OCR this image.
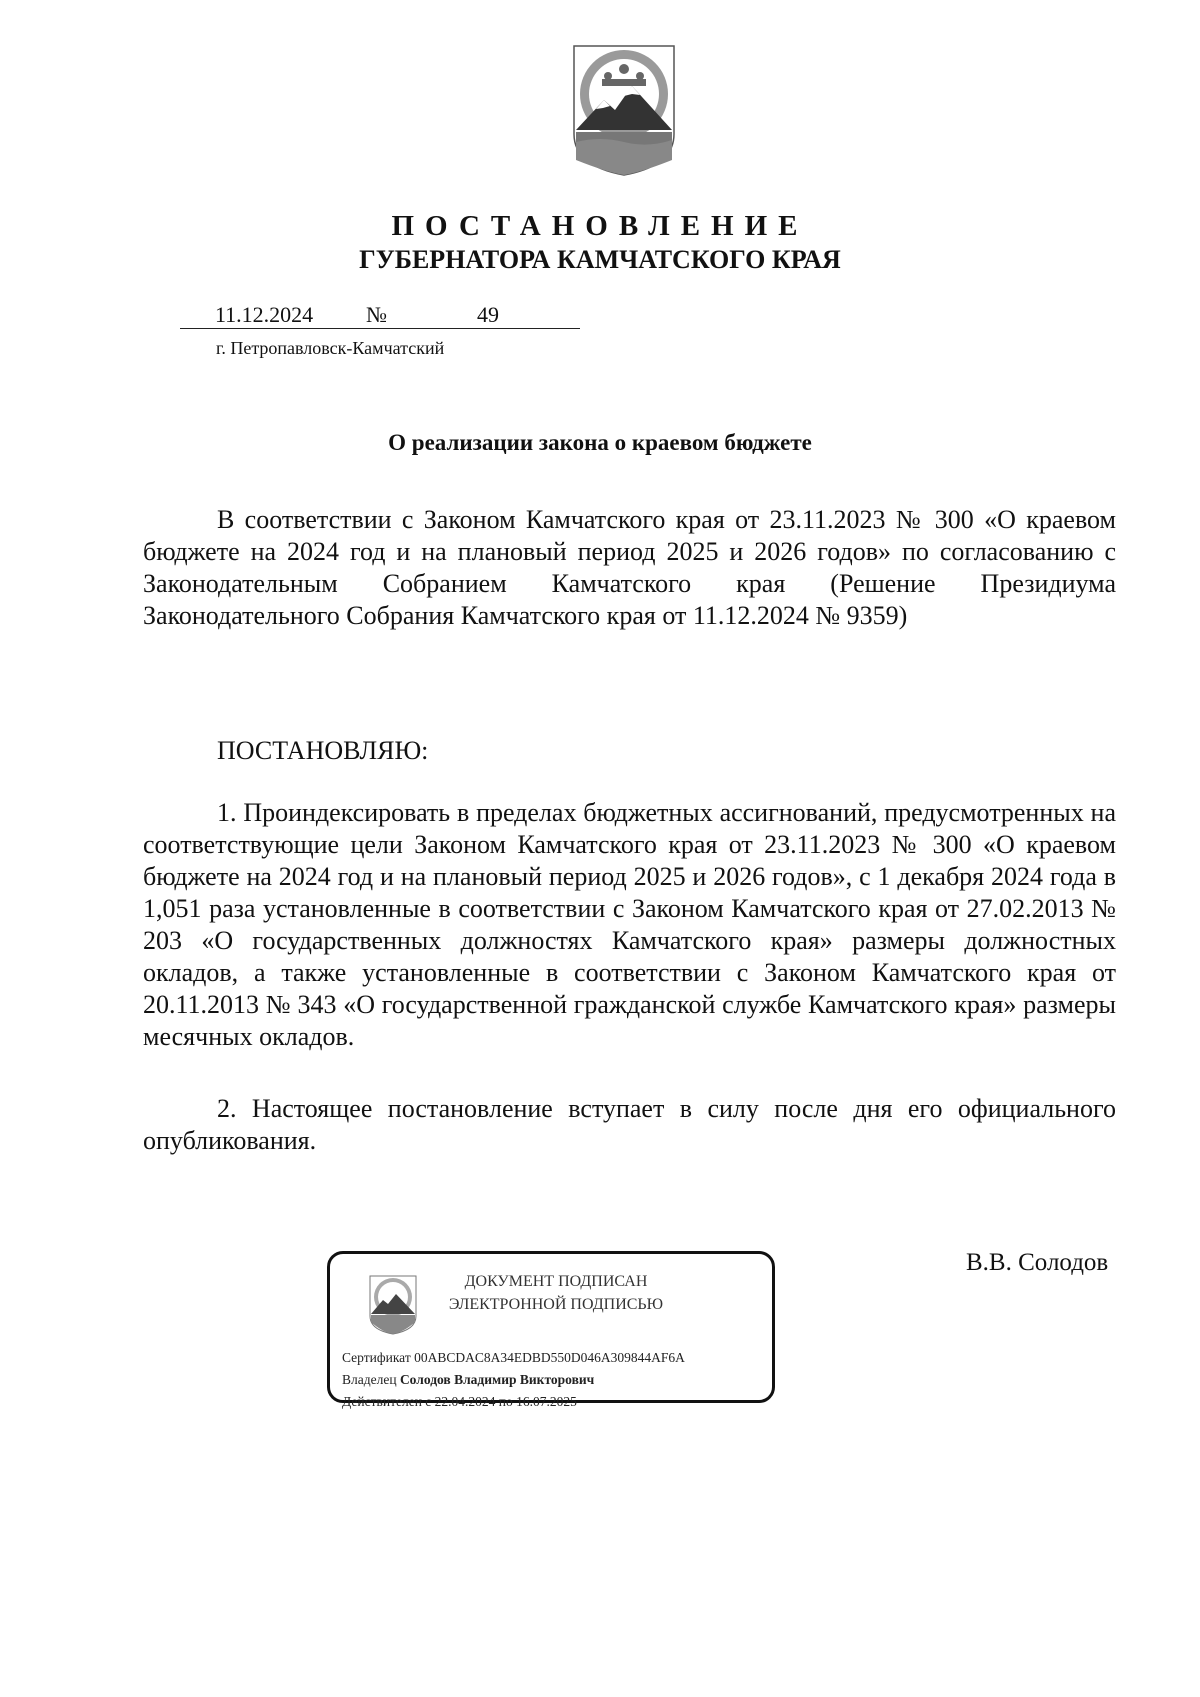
ПОСТАНОВЛЕНИЕ
ГУБЕРНАТОРА КАМЧАТСКОГО КРАЯ
11.12.2024 №	49
г. Петропавловск-Камчатский
О реализации закона о краевом бюджете

В соответствии с Законом Камчатского края от 23.11.2023 № 300 «О краевом бюджете на 2024 год и на плановый период 2025 и 2026 годов» по согласованию с Законодательным Собранием Камчатского края (Решение Президиума Законодательного Собрания Камчатского края от 11.12.2024 № 9359)

ПОСТАНОВЛЯЮ:

1. Проиндексировать в пределах бюджетных ассигнований, предусмотренных на соответствующие цели Законом Камчатского края от 23.11.2023 № 300 «О краевом бюджете на 2024 год и на плановый период 2025 и 2026 годов», с 1 декабря 2024 года в 1,051 раза установленные в соответствии с Законом Камчатского края от 27.02.2013 № 203 «О государственных должностях Камчатского края» размеры должностных окладов, а также установленные в соответствии с Законом Камчатского края от 20.11.2013 № 343 «О государственной гражданской службе Камчатского края» размеры месячных окладов.

2. Настоящее постановление вступает в силу после дня его официального опубликования.

ДОКУМЕНТ ПОДПИСАН
ЭЛЕКТРОННОЙ ПОДПИСЬЮ
Сертификат 00ABCDAC8A34EDBD550D046A309844AF6A
Владелец Солодов Владимир Викторович
Действителен с 22.04.2024 по 16.07.2025
В.В. Солодов
